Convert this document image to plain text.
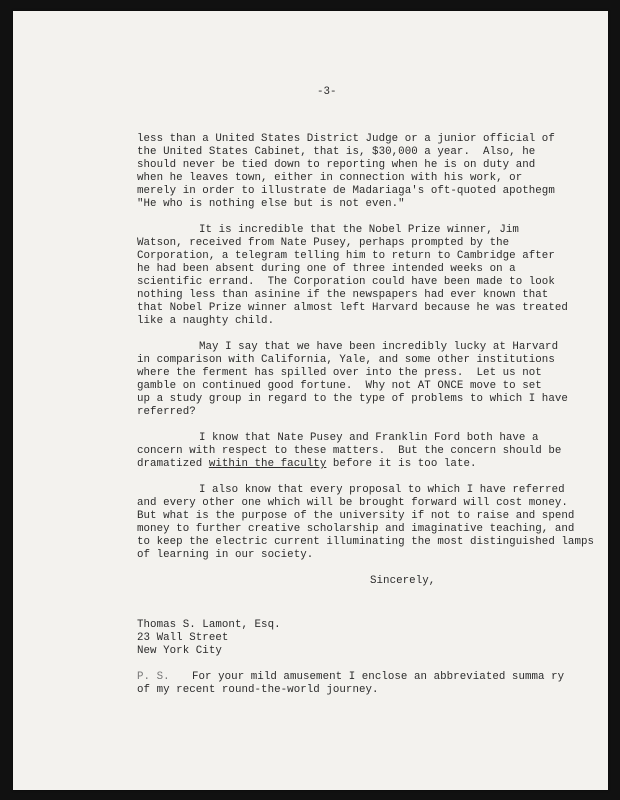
-3-
less than a United States District Judge or a junior official of
the United States Cabinet, that is, $30,000 a year.  Also, he
should never be tied down to reporting when he is on duty and
when he leaves town, either in connection with his work, or
merely in order to illustrate de Madariaga's oft-quoted apothegm
"He who is nothing else but is not even."
It is incredible that the Nobel Prize winner, Jim
Watson, received from Nate Pusey, perhaps prompted by the
Corporation, a telegram telling him to return to Cambridge after
he had been absent during one of three intended weeks on a
scientific errand.  The Corporation could have been made to look
nothing less than asinine if the newspapers had ever known that
that Nobel Prize winner almost left Harvard because he was treated
like a naughty child.
May I say that we have been incredibly lucky at Harvard
in comparison with California, Yale, and some other institutions
where the ferment has spilled over into the press.  Let us not
gamble on continued good fortune.  Why not AT ONCE move to set
up a study group in regard to the type of problems to which I have
referred?
I know that Nate Pusey and Franklin Ford both have a
concern with respect to these matters.  But the concern should be
dramatized within the faculty before it is too late.
I also know that every proposal to which I have referred
and every other one which will be brought forward will cost money.
But what is the purpose of the university if not to raise and spend
money to further creative scholarship and imaginative teaching, and
to keep the electric current illuminating the most distinguished lamps
of learning in our society.
Sincerely,
Thomas S. Lamont, Esq.
23 Wall Street
New York City
P. S. For your mild amusement I enclose an abbreviated summa ry
of my recent round-the-world journey.
